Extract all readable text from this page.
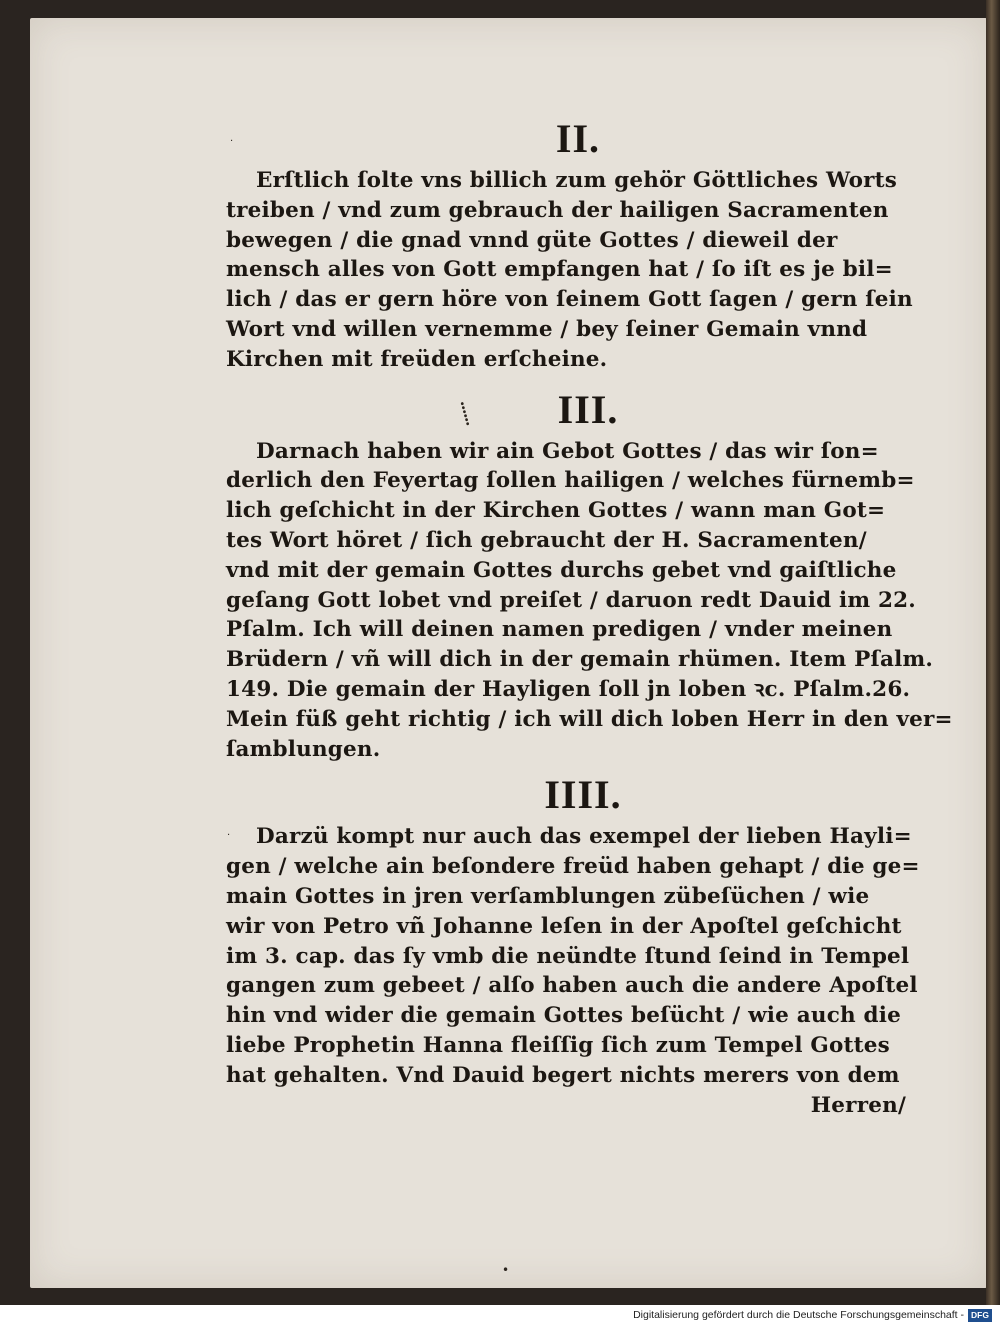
·
⸽
·
•
II.
Erſtlich ſolte vns billich zum gehör Göttliches Worts
treiben / vnd zum gebrauch der hailigen Sacramenten
bewegen / die gnad vnnd güte Gottes / dieweil der
mensch alles von Gott empfangen hat / ſo iſt es je bil=
lich / das er gern höre von ſeinem Gott ſagen / gern ſein
Wort vnd willen vernemme / bey ſeiner Gemain vnnd
Kirchen mit freüden erſcheine.
III.
Darnach haben wir ain Gebot Gottes / das wir ſon=
derlich den Feyertag ſollen hailigen / welches fürnemb=
lich geſchicht in der Kirchen Gottes / wann man Got=
tes Wort höret / ſich gebraucht der H. Sacramenten/
vnd mit der gemain Gottes durchs gebet vnd gaiſtliche
geſang Gott lobet vnd preiſet / daruon redt Dauid im 22.
Pſalm. Ich will deinen namen predigen / vnder meinen
Brüdern / vñ will dich in der gemain rhümen. Item Pſalm.
149. Die gemain der Hayligen ſoll jn loben ꝛc. Pſalm.26.
Mein füß geht richtig / ich will dich loben Herr in den ver=
ſamblungen.
IIII.
Darzü kompt nur auch das exempel der lieben Hayli=
gen / welche ain beſondere freüd haben gehapt / die ge=
main Gottes in jren verſamblungen zübeſüchen / wie
wir von Petro vñ Johanne leſen in der Apoſtel geſchicht
im 3. cap. das ſy vmb die neündte ſtund ſeind in Tempel
gangen zum gebeet / alſo haben auch die andere Apoſtel
hin vnd wider die gemain Gottes beſücht / wie auch die
liebe Prophetin Hanna fleiſſig ſich zum Tempel Gottes
hat gehalten. Vnd Dauid begert nichts merers von dem
Herren/
Digitalisierung gefördert durch die Deutsche Forschungsgemeinschaft - DFG
